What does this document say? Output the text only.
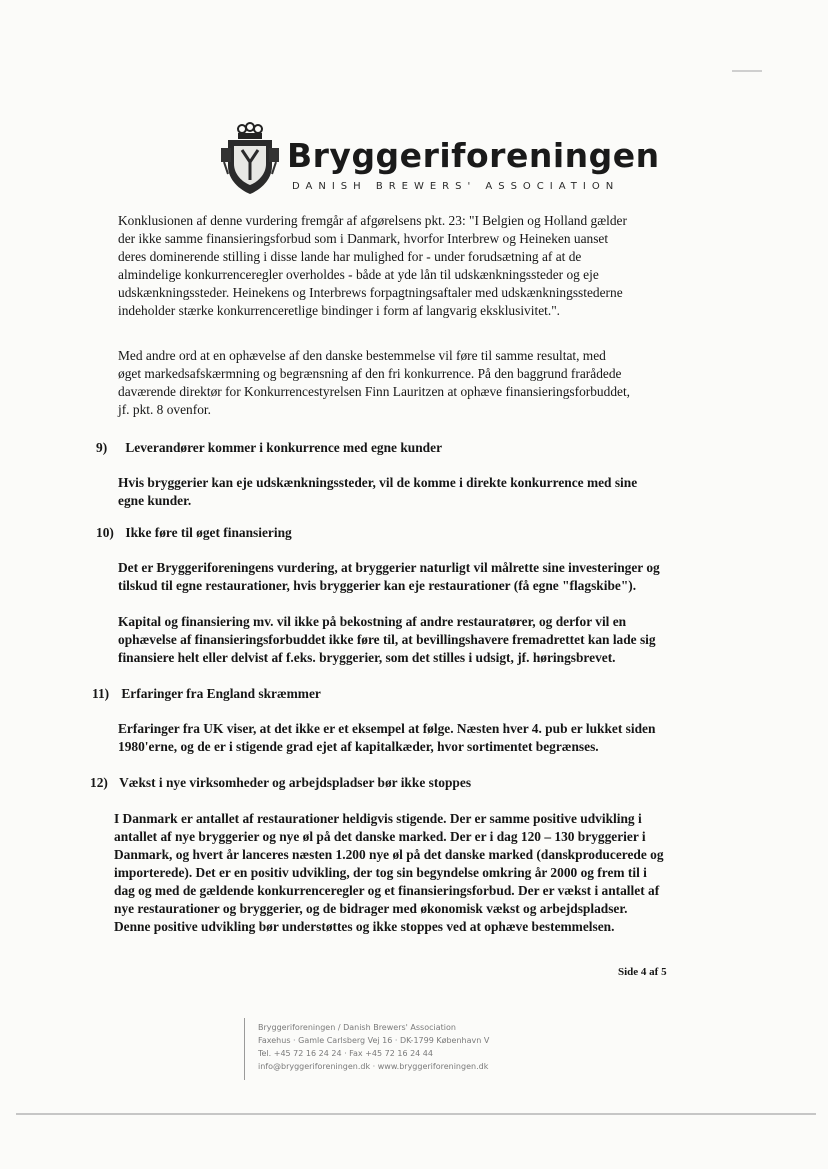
Bryggeriforeningen
DANISH BREWERS' ASSOCIATION

Konklusionen af denne vurdering fremgår af afgørelsens pkt. 23: "I Belgien og Holland gælder

der ikke samme finansieringsforbud som i Danmark, hvorfor Interbrew og Heineken uanset

deres dominerende stilling i disse lande har mulighed for - under forudsætning af at de

almindelige konkurrenceregler overholdes - både at yde lån til udskænkningssteder og eje

udskænkningssteder. Heinekens og Interbrews forpagtningsaftaler med udskænkningsstederne

indeholder stærke konkurrenceretlige bindinger i form af langvarig eksklusivitet.".

Med andre ord at en ophævelse af den danske bestemmelse vil føre til samme resultat, med

øget markedsafskærmning og begrænsning af den fri konkurrence. På den baggrund frarådede

daværende direktør for Konkurrencestyrelsen Finn Lauritzen at ophæve finansieringsforbuddet,

jf. pkt. 8 ovenfor.

9) Leverandører kommer i konkurrence med egne kunder

Hvis bryggerier kan eje udskænkningssteder, vil de komme i direkte konkurrence med sine

egne kunder.

10) Ikke føre til øget finansiering

Det er Bryggeriforeningens vurdering, at bryggerier naturligt vil målrette sine investeringer og

tilskud til egne restaurationer, hvis bryggerier kan eje restaurationer (få egne "flagskibe").

Kapital og finansiering mv. vil ikke på bekostning af andre restauratører, og derfor vil en

ophævelse af finansieringsforbuddet ikke føre til, at bevillingshavere fremadrettet kan lade sig

finansiere helt eller delvist af f.eks. bryggerier, som det stilles i udsigt, jf. høringsbrevet.

11) Erfaringer fra England skræmmer

Erfaringer fra UK viser, at det ikke er et eksempel at følge. Næsten hver 4. pub er lukket siden

1980'erne, og de er i stigende grad ejet af kapitalkæder, hvor sortimentet begrænses.

12) Vækst i nye virksomheder og arbejdspladser bør ikke stoppes

I Danmark er antallet af restaurationer heldigvis stigende. Der er samme positive udvikling i

antallet af nye bryggerier og nye øl på det danske marked. Der er i dag 120 – 130 bryggerier i

Danmark, og hvert år lanceres næsten 1.200 nye øl på det danske marked (danskproducerede og

importerede). Det er en positiv udvikling, der tog sin begyndelse omkring år 2000 og frem til i

dag og med de gældende konkurrenceregler og et finansieringsforbud. Der er vækst i antallet af

nye restaurationer og bryggerier, og de bidrager med økonomisk vækst og arbejdspladser.

Denne positive udvikling bør understøttes og ikke stoppes ved at ophæve bestemmelsen.

Side 4 af 5

Bryggeriforeningen / Danish Brewers' Association

Faxehus · Gamle Carlsberg Vej 16 · DK-1799 København V

Tel. +45 72 16 24 24 · Fax +45 72 16 24 44

info@bryggeriforeningen.dk · www.bryggeriforeningen.dk
